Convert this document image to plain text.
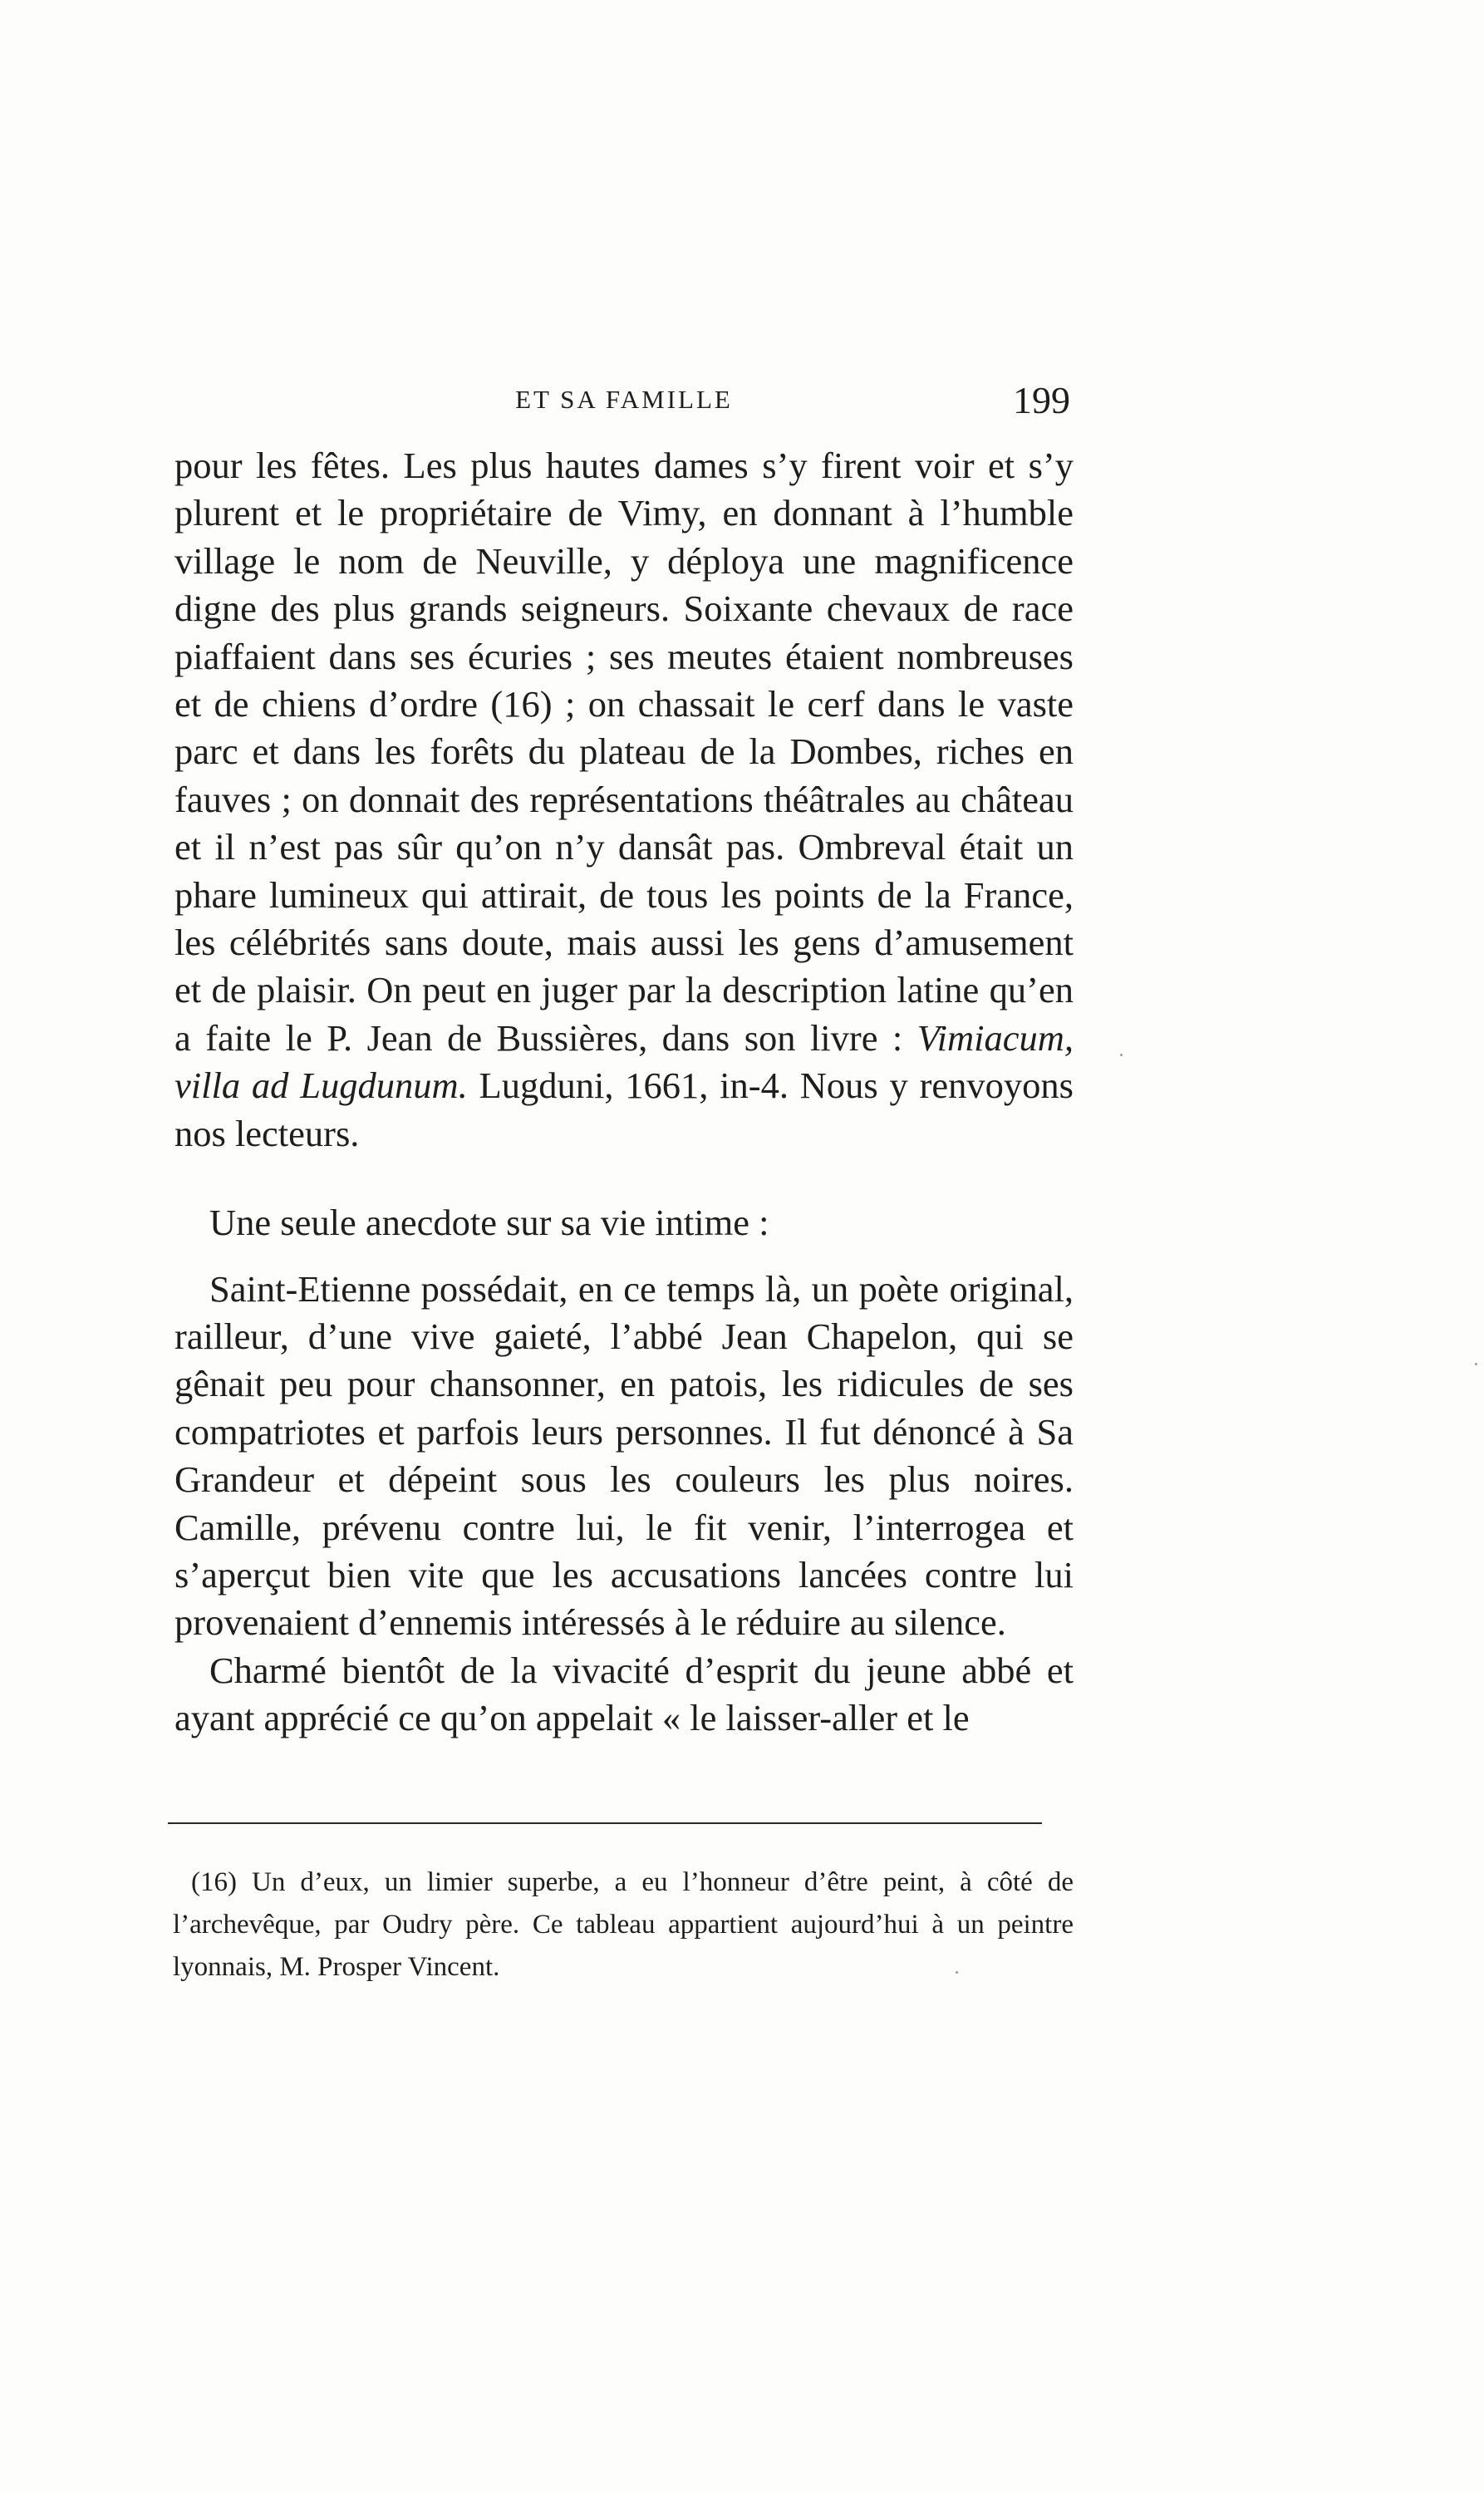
ET SA FAMILLE	199

pour les fêtes. Les plus hautes dames s’y firent voir et s’y plurent et le propriétaire de Vimy, en donnant à l’humble village le nom de Neuville, y déploya une magnificence digne des plus grands seigneurs. Soixante chevaux de race piaffaient dans ses écuries ; ses meutes étaient nombreuses et de chiens d’ordre (16) ; on chassait le cerf dans le vaste parc et dans les forêts du plateau de la Dombes, riches en fauves ; on donnait des représentations théâtrales au château et il n’est pas sûr qu’on n’y dansât pas. Ombreval était un phare lumineux qui attirait, de tous les points de la France, les célébrités sans doute, mais aussi les gens d’amusement et de plaisir. On peut en juger par la description latine qu’en a faite le P. Jean de Bussières, dans son livre : Vimiacum, villa ad Lugdunum. Lugduni, 1661, in-4. Nous y renvoyons nos lecteurs.

Une seule anecdote sur sa vie intime :

Saint-Etienne possédait, en ce temps là, un poète original, railleur, d’une vive gaieté, l’abbé Jean Chapelon, qui se gênait peu pour chansonner, en patois, les ridicules de ses compatriotes et parfois leurs personnes. Il fut dénoncé à Sa Grandeur et dépeint sous les couleurs les plus noires. Camille, prévenu contre lui, le fit venir, l’interrogea et s’aperçut bien vite que les accusations lancées contre lui provenaient d’ennemis intéressés à le réduire au silence.

Charmé bientôt de la vivacité d’esprit du jeune abbé et ayant apprécié ce qu’on appelait « le laisser-aller et le

(16) Un d’eux, un limier superbe, a eu l’honneur d’être peint, à côté de l’archevêque, par Oudry père. Ce tableau appartient aujourd’hui à un peintre lyonnais, M. Prosper Vincent.
